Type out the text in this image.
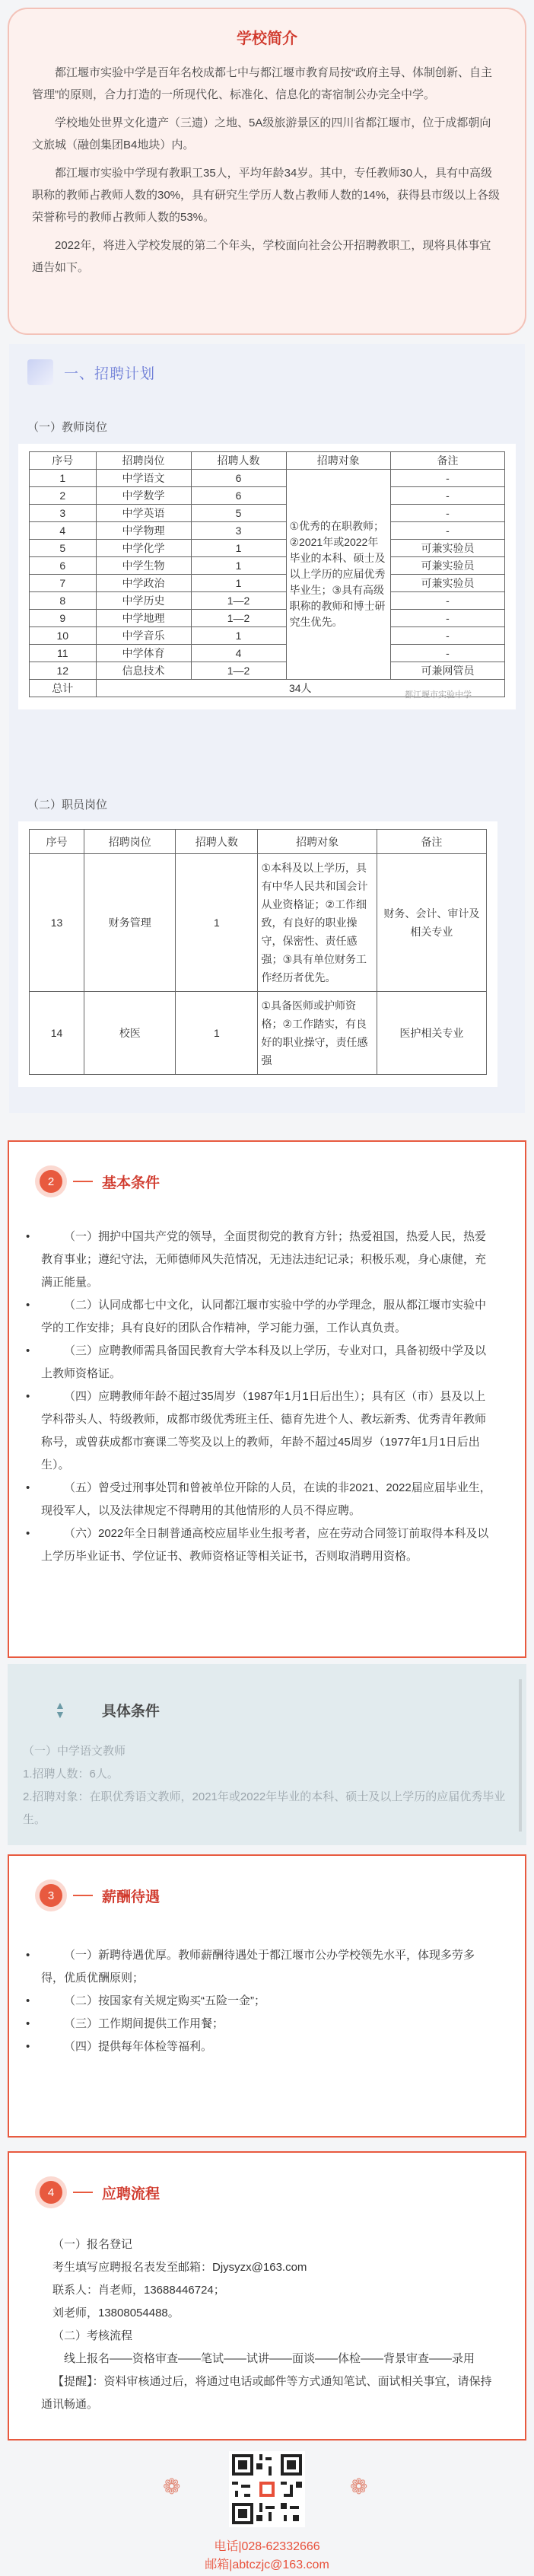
学校简介

都江堰市实验中学是百年名校成都七中与都江堰市教育局按“政府主导、体制创新、自主管理”的原则，合力打造的一所现代化、标准化、信息化的寄宿制公办完全中学。

学校地处世界文化遗产（三遗）之地、5A级旅游景区的四川省都江堰市，位于成都朝向文旅城（融创集团B4地块）内。

都江堰市实验中学现有教职工35人，平均年龄34岁。其中，专任教师30人，具有中高级职称的教师占教师人数的30%，具有研究生学历人数占教师人数的14%，获得县市级以上各级荣誉称号的教师占教师人数的53%。

2022年，将进入学校发展的第二个年头，学校面向社会公开招聘教职工，现将具体事宜通告如下。

一、招聘计划
（一）教师岗位
序号	招聘岗位	招聘人数	招聘对象	备注
1	中学语文	6	①优秀的在职教师；②2021年或2022年毕业的本科、硕士及以上学历的应届优秀毕业生；③具有高级职称的教师和博士研究生优先。	-
2	中学数学	6		-
3	中学英语	5		-
4	中学物理	3		-
5	中学化学	1		可兼实验员
6	中学生物	1		可兼实验员
7	中学政治	1		可兼实验员
8	中学历史	1—2		-
9	中学地理	1—2		-
10	中学音乐	1		-
11	中学体育	4		-
12	信息技术	1—2		可兼网管员
总计	34人			
都江堰市实验中学
（二）职员岗位
序号	招聘岗位	招聘人数	招聘对象	备注
13	财务管理	1	①本科及以上学历，具有中华人民共和国会计从业资格证；②工作细致，有良好的职业操守，保密性、责任感强；③具有单位财务工作经历者优先。	财务、会计、审计及相关专业
14	校医	1	①具备医师或护师资格；②工作踏实，有良好的职业操守，责任感强	医护相关专业
2	基本条件

• （一）拥护中国共产党的领导，全面贯彻党的教育方针；热爱祖国，热爱人民，热爱教育事业；遵纪守法，无师德师风失范情况，无违法违纪记录；积极乐观，身心康健，充满正能量。

• （二）认同成都七中文化，认同都江堰市实验中学的办学理念，服从都江堰市实验中学的工作安排；具有良好的团队合作精神，学习能力强，工作认真负责。

• （三）应聘教师需具备国民教育大学本科及以上学历，专业对口，具备初级中学及以上教师资格证。

• （四）应聘教师年龄不超过35周岁（1987年1月1日后出生）；具有区（市）县及以上学科带头人、特级教师，成都市级优秀班主任、德育先进个人、教坛新秀、优秀青年教师称号，或曾获成都市赛课二等奖及以上的教师，年龄不超过45周岁（1977年1月1日后出生）。

• （五）曾受过刑事处罚和曾被单位开除的人员，在读的非2021、2022届应届毕业生，现役军人，以及法律规定不得聘用的其他情形的人员不得应聘。

• （六）2022年全日制普通高校应届毕业生报考者，应在劳动合同签订前取得本科及以上学历毕业证书、学位证书、教师资格证等相关证书，否则取消聘用资格。

▲
▼	具体条件
（一）中学语文教师

1.招聘人数：6人。

2.招聘对象：在职优秀语文教师，2021年或2022年毕业的本科、硕士及以上学历的应届优秀毕业生。

3	薪酬待遇

• （一）新聘待遇优厚。教师薪酬待遇处于都江堰市公办学校领先水平，体现多劳多得，优质优酬原则；

• （二）按国家有关规定购买“五险一金”；

• （三）工作期间提供工作用餐；

• （四）提供每年体检等福利。

4	应聘流程

（一）报名登记

考生填写应聘报名表发至邮箱：Djysyzx@163.com

联系人：肖老师，13688446724；

刘老师，13808054488。

（二）考核流程

线上报名——资格审查——笔试——试讲——面谈——体检——背景审查——录用

【提醒】：资料审核通过后，将通过电话或邮件等方式通知笔试、面试相关事宜，请保持通讯畅通。

❁	❁
电话|028-62332666
邮箱|abtczjc@163.com
